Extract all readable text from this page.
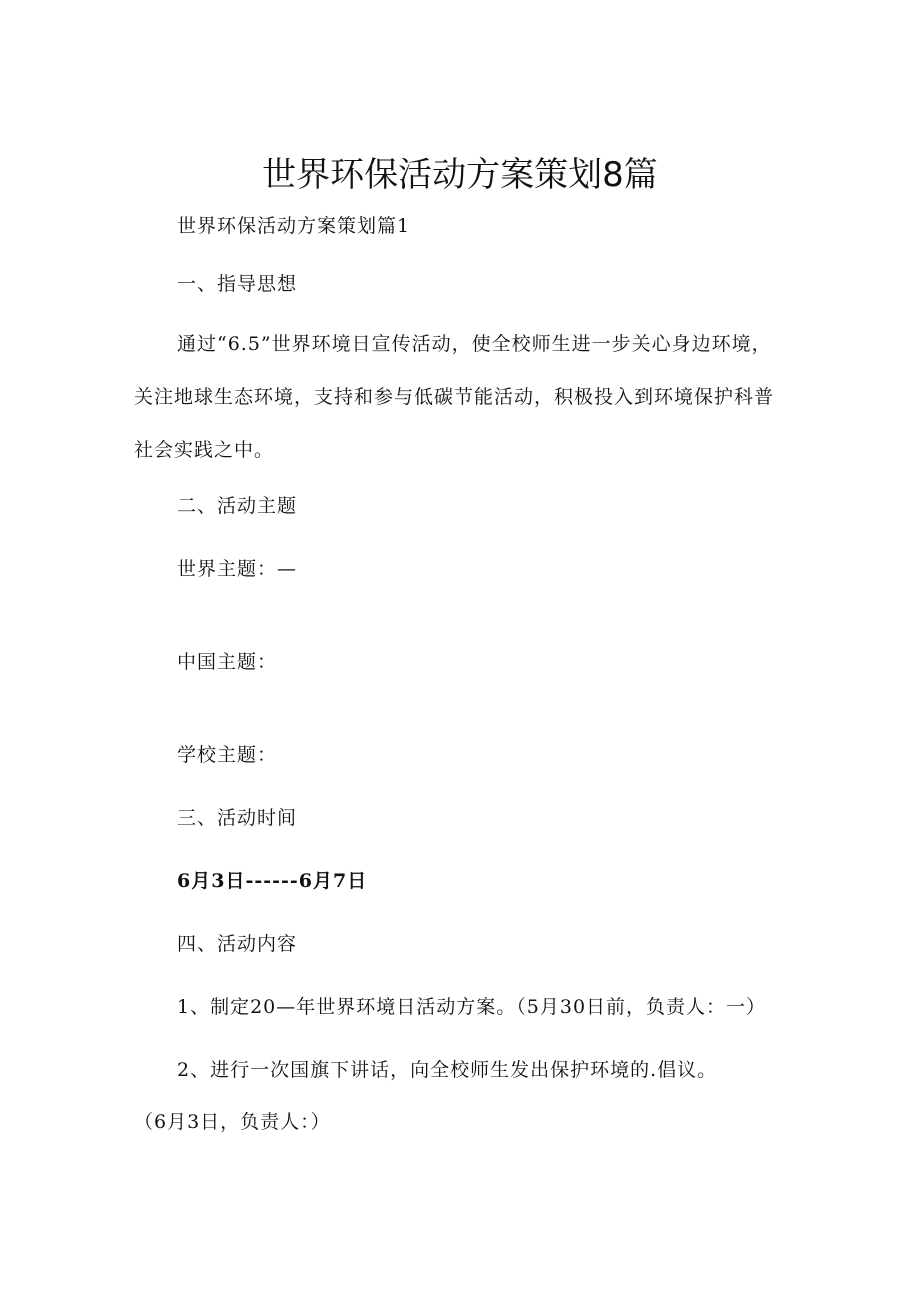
世界环保活动方案策划8篇
世界环保活动方案策划篇1
一、指导思想
通过“6.5”世界环境日宣传活动，使全校师生进一步关心身边环境，关注地球生态环境，支持和参与低碳节能活动，积极投入到环境保护科普社会实践之中。
二、活动主题
世界主题：—
中国主题：
学校主题：
三、活动时间
6月3日------6月7日
四、活动内容
1、制定20—年世界环境日活动方案。（5月30日前，负责人：一）
2、进行一次国旗下讲话，向全校师生发出保护环境的.倡议。
（6月3日，负责人：）
